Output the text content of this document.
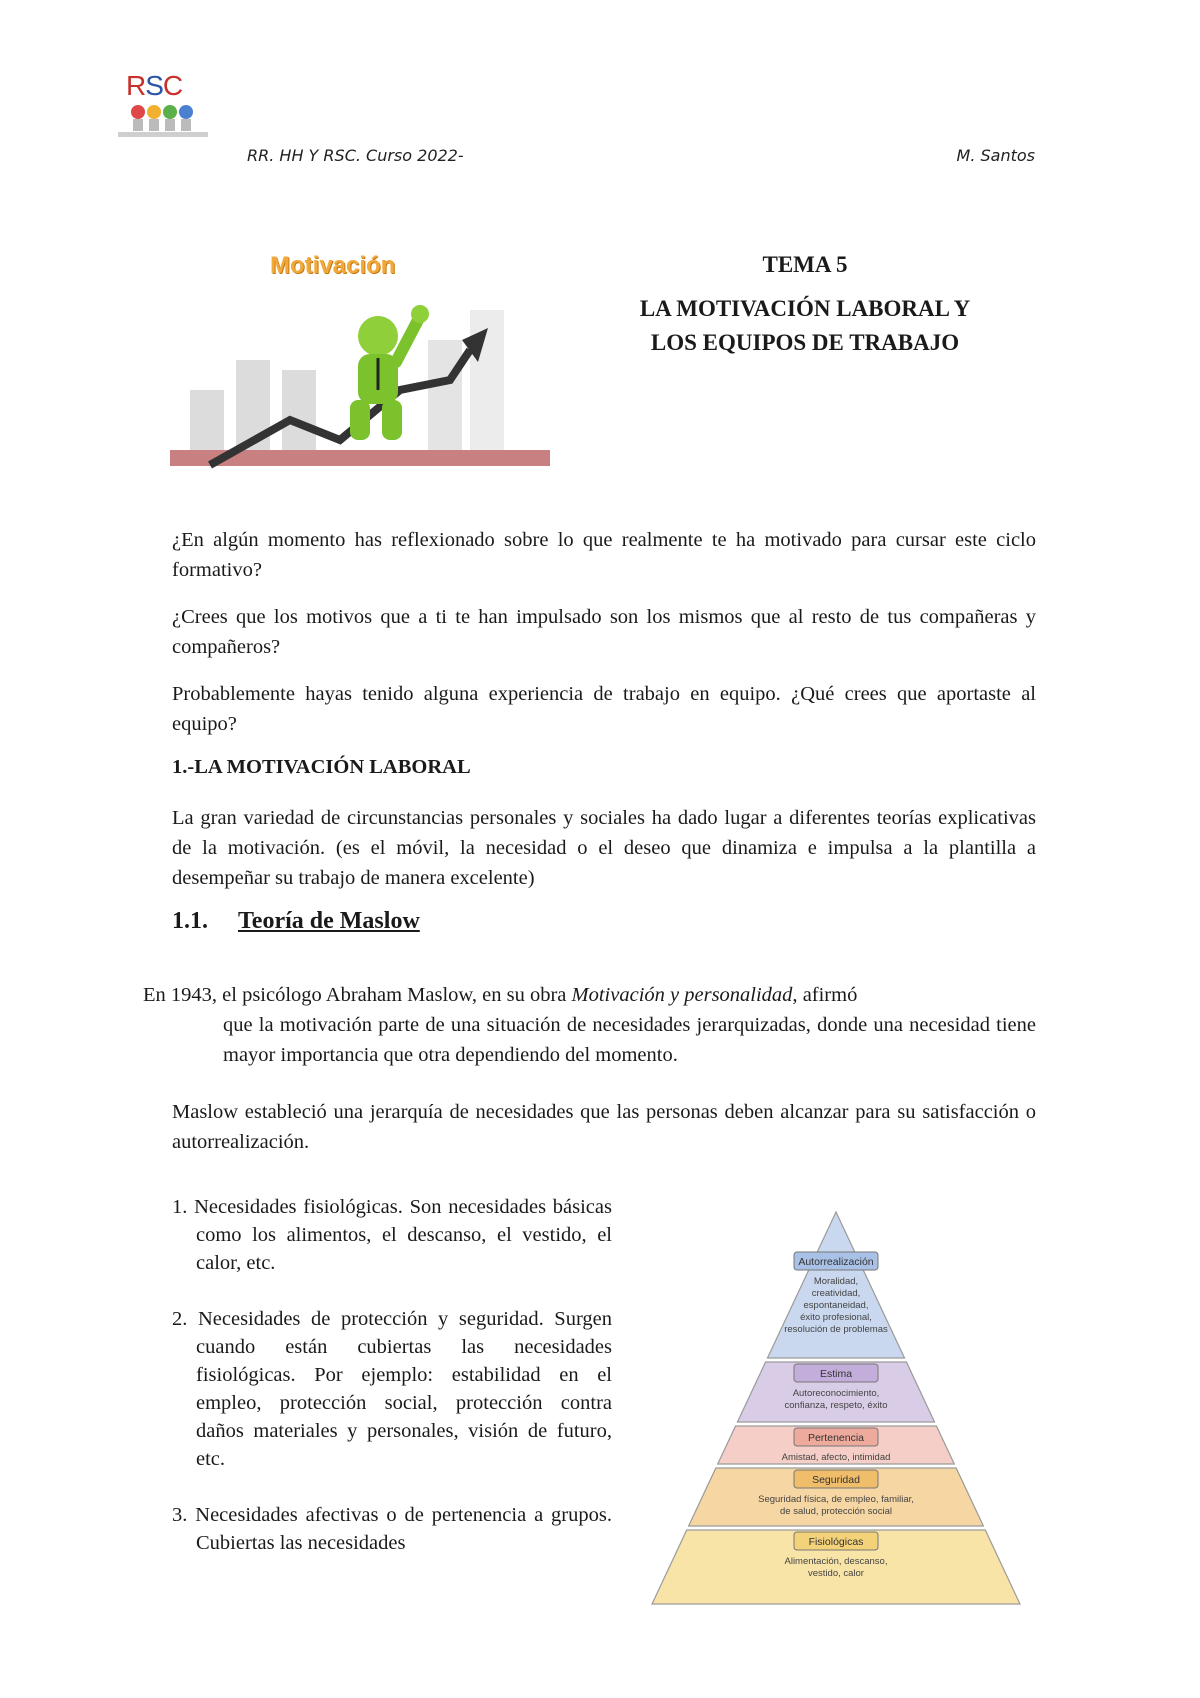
RSC
RR. HH Y RSC. Curso 2022-	M. Santos
Motivación	TEMA 5
LA MOTIVACIÓN LABORAL Y
LOS EQUIPOS DE TRABAJO
¿En algún momento has reflexionado sobre lo que realmente te ha motivado para cursar este ciclo formativo?
¿Crees que los motivos que a ti te han impulsado son los mismos que al resto de tus compañeras y compañeros?
Probablemente hayas tenido alguna experiencia de trabajo en equipo. ¿Qué crees que aportaste al equipo?
1.-LA MOTIVACIÓN LABORAL
La gran variedad de circunstancias personales y sociales ha dado lugar a diferentes teorías explicativas de la motivación. (es el móvil, la necesidad o el deseo que dinamiza e impulsa a la plantilla a desempeñar su trabajo de manera excelente)
1.1. Teoría de Maslow
En 1943, el psicólogo Abraham Maslow, en su obra Motivación y personalidad, afirmó
que la motivación parte de una situación de necesidades jerarquizadas, donde una necesidad tiene mayor importancia que otra dependiendo del momento.
Maslow estableció una jerarquía de necesidades que las personas deben alcanzar para su satisfacción o autorrealización.
1. Necesidades fisiológicas. Son necesidades básicas como los alimentos, el descanso, el vestido, el calor, etc.
2. Necesidades de protección y seguridad. Surgen cuando están cubiertas las necesidades fisiológicas. Por ejemplo: estabilidad en el empleo, protección social, protección contra daños materiales y personales, visión de futuro, etc.
3. Necesidades afectivas o de pertenencia a grupos. Cubiertas las necesidades
Autorrealización
Moralidad,
creatividad,
espontaneidad,
éxito profesional,
resolución de problemas
Estima
Autoreconocimiento,
confianza, respeto, éxito
Pertenencia
Amistad, afecto, intimidad
Seguridad
Seguridad física, de empleo, familiar,
de salud, protección social
Fisiológicas
Alimentación, descanso,
vestido, calor
